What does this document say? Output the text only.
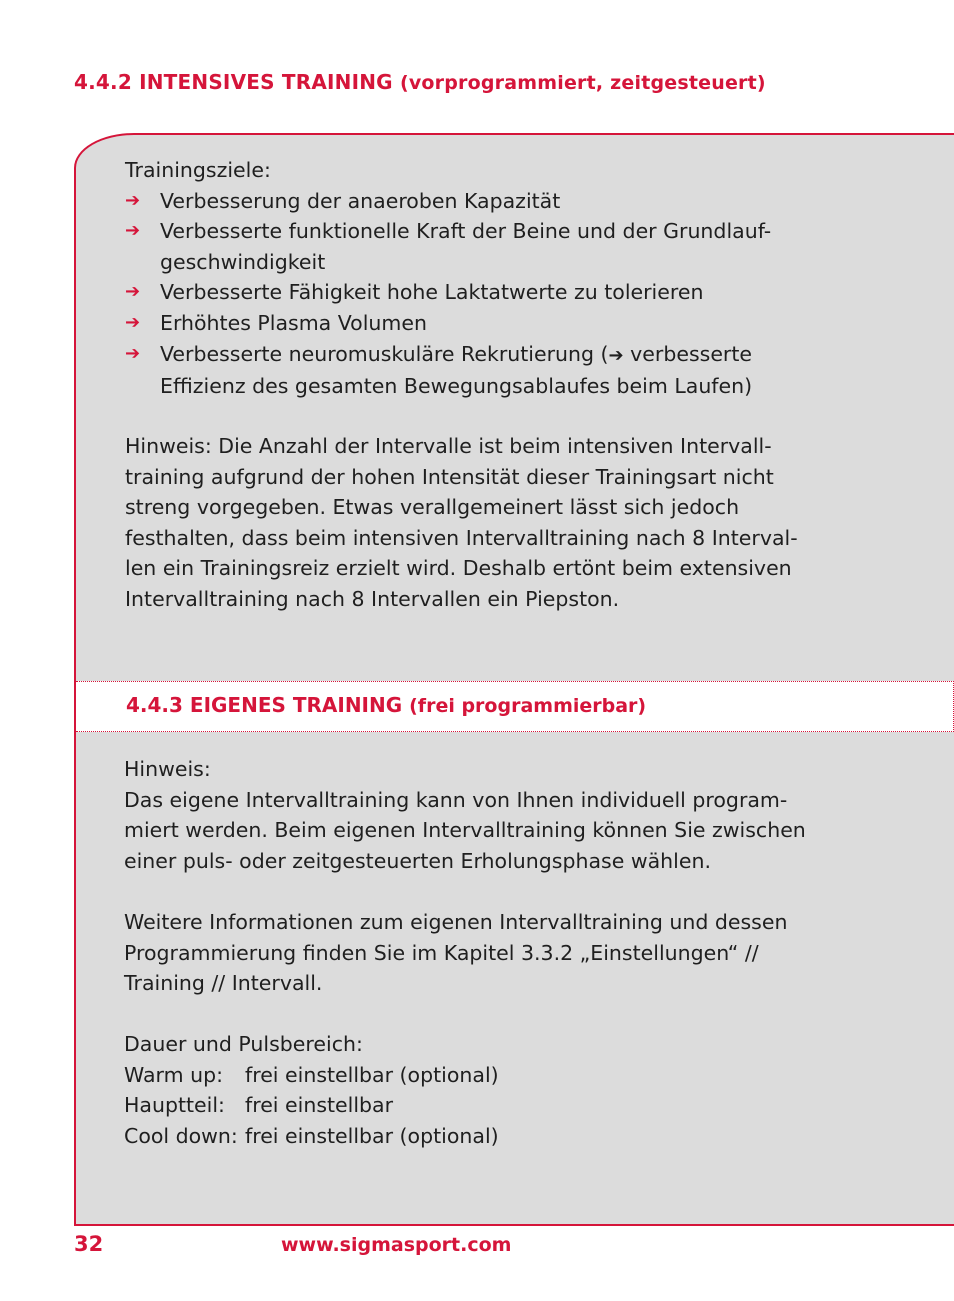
4.4.2 INTENSIVES TRAINING (vorprogrammiert, zeitgesteuert)

Trainingsziele:

➔ Verbesserung der anaeroben Kapazität
➔ Verbesserte funktionelle Kraft der Beine und der Grundlauf-
geschwindigkeit
➔ Verbesserte Fähigkeit hohe Laktatwerte zu tolerieren
➔ Erhöhtes Plasma Volumen
➔ Verbesserte neuromuskuläre Rekrutierung (➔ verbesserte
Effizienz des gesamten Bewegungsablaufes beim Laufen)
Hinweis: Die Anzahl der Intervalle ist beim intensiven Intervall-
training aufgrund der hohen Intensität dieser Trainingsart nicht
streng vorgegeben. Etwas verallgemeinert lässt sich jedoch
festhalten, dass beim intensiven Intervalltraining nach 8 Interval-
len ein Trainingsreiz erzielt wird. Deshalb ertönt beim extensiven
Intervalltraining nach 8 Intervallen ein Piepston.
4.4.3 EIGENES TRAINING (frei programmierbar)

Hinweis:

Das eigene Intervalltraining kann von Ihnen individuell program-
miert werden. Beim eigenen Intervalltraining können Sie zwischen
einer puls- oder zeitgesteuerten Erholungsphase wählen.

Weitere Informationen zum eigenen Intervalltraining und dessen
Programmierung finden Sie im Kapitel 3.3.2 „Einstellungen“ //
Training // Intervall.

Dauer und Pulsbereich:

Warm up:	frei einstellbar (optional)
Hauptteil: frei einstellbar
Cool down: frei einstellbar (optional)
32	www.sigmasport.com
